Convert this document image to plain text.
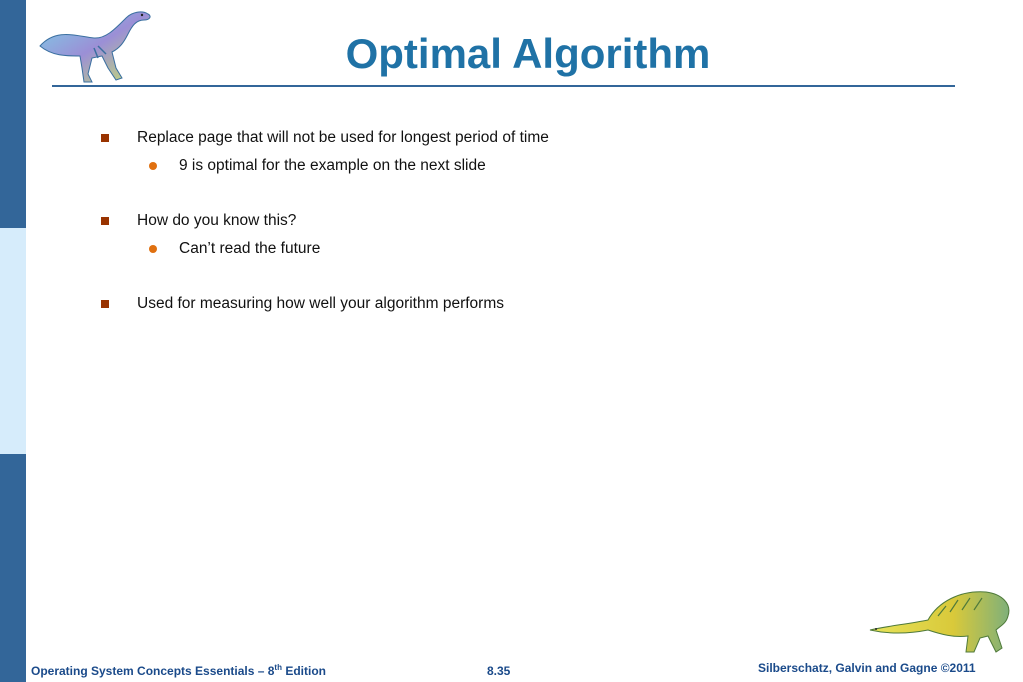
Optimal Algorithm
Replace page that will not be used for longest period of time
9 is optimal for the example on the next slide
How do you know this?
Can’t read the future
Used for measuring how well your algorithm performs
Operating System Concepts Essentials – 8th Edition	8.35	Silberschatz, Galvin and Gagne ©2011
